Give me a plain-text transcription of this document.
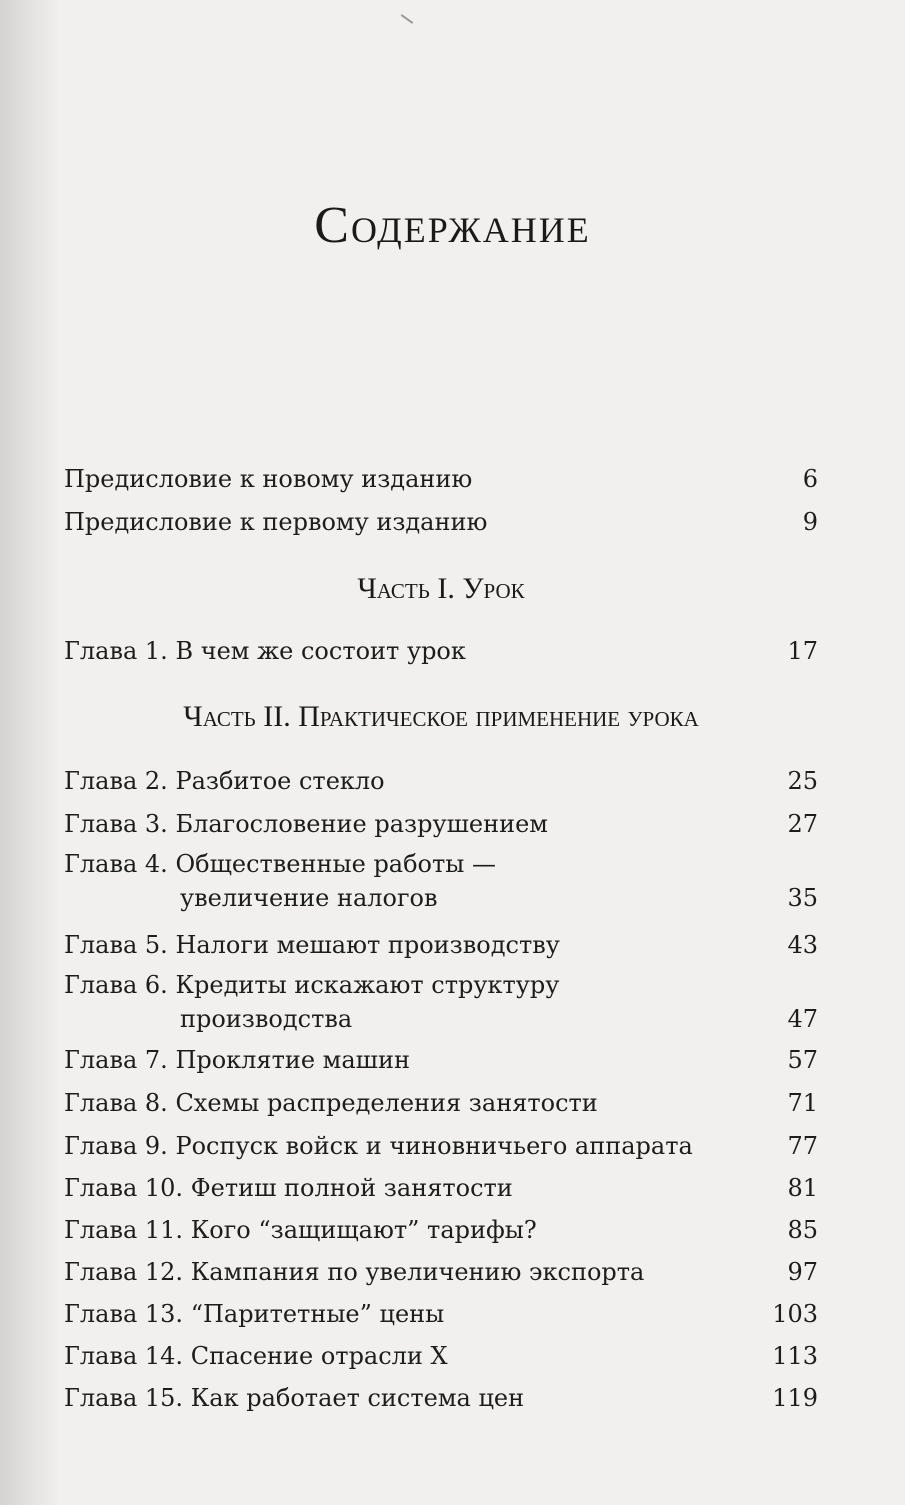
Содержание
Предисловие к новому изданию	6
Предисловие к первому изданию	9
Часть I. Урок
Глава 1. В чем же состоит урок	17
Часть II. Практическое применение урока
Глава 2. Разбитое стекло	25
Глава 3. Благословение разрушением	27
Глава 4. Общественные работы —
увеличение налогов	35
Глава 5. Налоги мешают производству	43
Глава 6. Кредиты искажают структуру
производства	47
Глава 7. Проклятие машин	57
Глава 8. Схемы распределения занятости	71
Глава 9. Роспуск войск и чиновничьего аппарата	77
Глава 10. Фетиш полной занятости	81
Глава 11. Кого “защищают” тарифы?	85
Глава 12. Кампания по увеличению экспорта	97
Глава 13. “Паритетные” цены	103
Глава 14. Спасение отрасли X	113
Глава 15. Как работает система цен	119
